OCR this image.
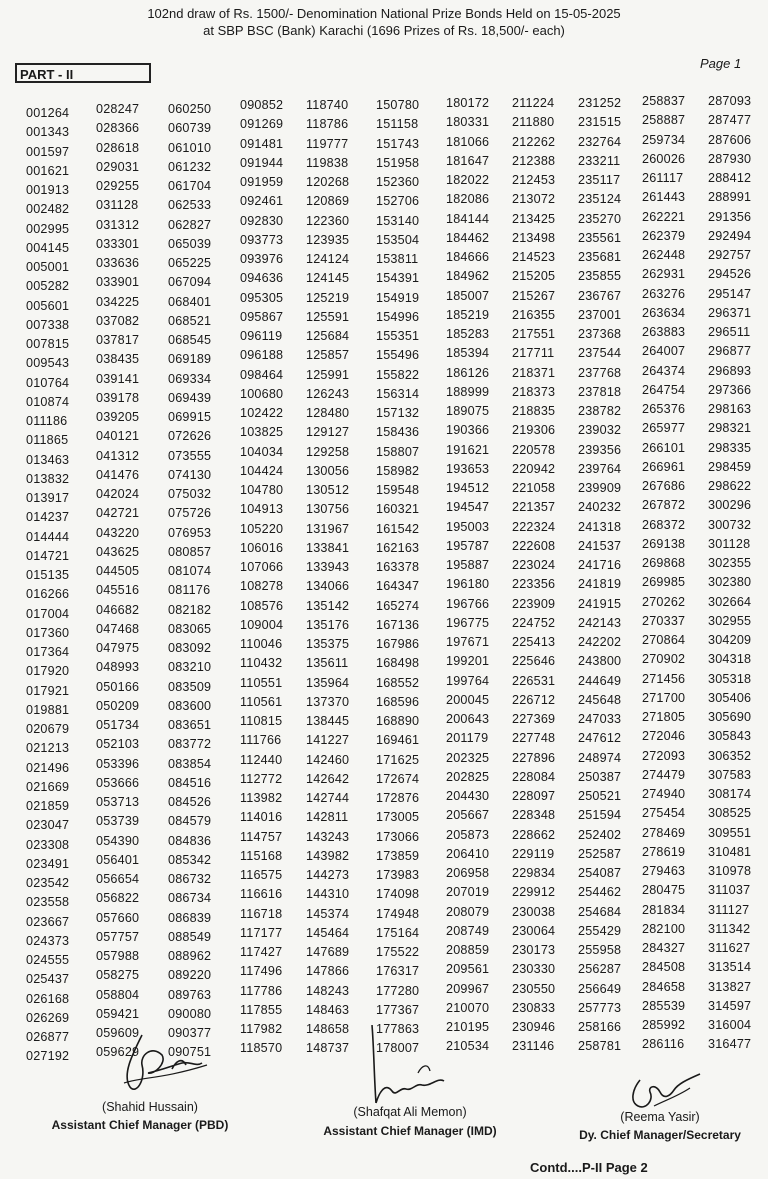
102nd draw of Rs. 1500/- Denomination National Prize Bonds Held on 15-05-2025
at SBP BSC (Bank) Karachi (1696 Prizes of Rs. 18,500/- each)
PART - II
Page 1
001264
001343
001597
001621
001913
002482
002995
004145
005001
005282
005601
007338
007815
009543
010764
010874
011186
011865
013463
013832
013917
014237
014444
014721
015135
016266
017004
017360
017364
017920
017921
019881
020679
021213
021496
021669
021859
023047
023308
023491
023542
023558
023667
024373
024555
025437
026168
026269
026877
027192
028247
028366
028618
029031
029255
031128
031312
033301
033636
033901
034225
037082
037817
038435
039141
039178
039205
040121
041312
041476
042024
042721
043220
043625
044505
045516
046682
047468
047975
048993
050166
050209
051734
052103
053396
053666
053713
053739
054390
056401
056654
056822
057660
057757
057988
058275
058804
059421
059609
059629
060250
060739
061010
061232
061704
062533
062827
065039
065225
067094
068401
068521
068545
069189
069334
069439
069915
072626
073555
074130
075032
075726
076953
080857
081074
081176
082182
083065
083092
083210
083509
083600
083651
083772
083854
084516
084526
084579
084836
085342
086732
086734
086839
088549
088962
089220
089763
090080
090377
090751
090852
091269
091481
091944
091959
092461
092830
093773
093976
094636
095305
095867
096119
096188
098464
100680
102422
103825
104034
104424
104780
104913
105220
106016
107066
108278
108576
109004
110046
110432
110551
110561
110815
111766
112440
112772
113982
114016
114757
115168
116575
116616
116718
117177
117427
117496
117786
117855
117982
118570
118740
118786
119777
119838
120268
120869
122360
123935
124124
124145
125219
125591
125684
125857
125991
126243
128480
129127
129258
130056
130512
130756
131967
133841
133943
134066
135142
135176
135375
135611
135964
137370
138445
141227
142460
142642
142744
142811
143243
143982
144273
144310
145374
145464
147689
147866
148243
148463
148658
148737
150780
151158
151743
151958
152360
152706
153140
153504
153811
154391
154919
154996
155351
155496
155822
156314
157132
158436
158807
158982
159548
160321
161542
162163
163378
164347
165274
167136
167986
168498
168552
168596
168890
169461
171625
172674
172876
173005
173066
173859
173983
174098
174948
175164
175522
176317
177280
177367
177863
178007
180172
180331
181066
181647
182022
182086
184144
184462
184666
184962
185007
185219
185283
185394
186126
188999
189075
190366
191621
193653
194512
194547
195003
195787
195887
196180
196766
196775
197671
199201
199764
200045
200643
201179
202325
202825
204430
205667
205873
206410
206958
207019
208079
208749
208859
209561
209967
210070
210195
210534
211224
211880
212262
212388
212453
213072
213425
213498
214523
215205
215267
216355
217551
217711
218371
218373
218835
219306
220578
220942
221058
221357
222324
222608
223024
223356
223909
224752
225413
225646
226531
226712
227369
227748
227896
228084
228097
228348
228662
229119
229834
229912
230038
230064
230173
230330
230550
230833
230946
231146
231252
231515
232764
233211
235117
235124
235270
235561
235681
235855
236767
237001
237368
237544
237768
237818
238782
239032
239356
239764
239909
240232
241318
241537
241716
241819
241915
242143
242202
243800
244649
245648
247033
247612
248974
250387
250521
251594
252402
252587
254087
254462
254684
255429
255958
256287
256649
257773
258166
258781
258837
258887
259734
260026
261117
261443
262221
262379
262448
262931
263276
263634
263883
264007
264374
264754
265376
265977
266101
266961
267686
267872
268372
269138
269868
269985
270262
270337
270864
270902
271456
271700
271805
272046
272093
274479
274940
275454
278469
278619
279463
280475
281834
282100
284327
284508
284658
285539
285992
286116
287093
287477
287606
287930
288412
288991
291356
292494
292757
294526
295147
296371
296511
296877
296893
297366
298163
298321
298335
298459
298622
300296
300732
301128
302355
302380
302664
302955
304209
304318
305318
305406
305690
305843
306352
307583
308174
308525
309551
310481
310978
311037
311127
311342
311627
313514
313827
314597
316004
316477
(Shahid Hussain)
Assistant Chief Manager (PBD)
(Shafqat Ali Memon)
Assistant Chief Manager (IMD)
(Reema Yasir)
Dy. Chief Manager/Secretary
Contd....P-II Page 2
